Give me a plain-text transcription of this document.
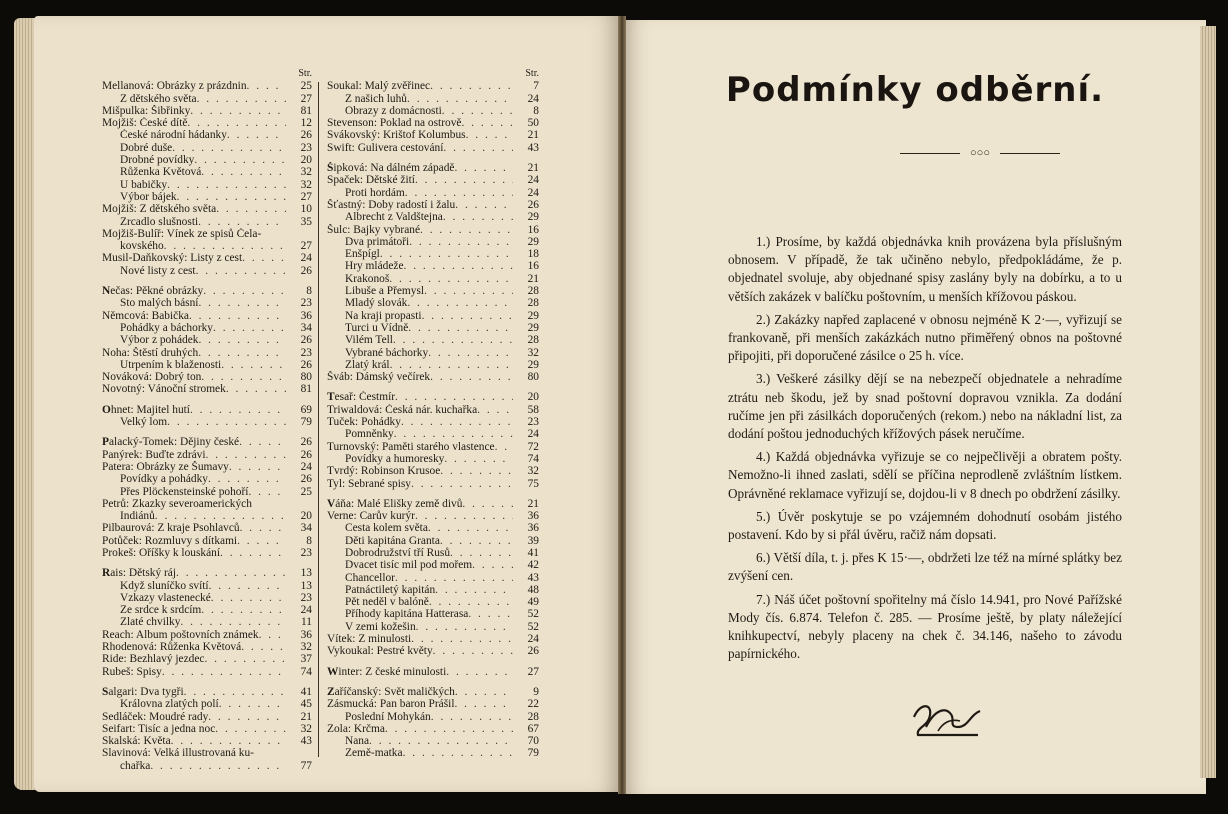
Str.
Mellanová: Obrázky z prázdnin . . .	25
Z dětského světa . . .	27
Mišpulka: Šibřinky . . .	81
Mojžiš: České dítě . . .	12
České národní hádanky . . .	26
Dobré duše . . .	23
Drobné povídky . . .	20
Růženka Květová . . .	32
U babičky . . .	32
Výbor bájek . . .	27
Mojžiš: Z dětského světa . . .	10
Zrcadlo slušnosti . . .	35
Mojžiš-Bulíř: Vínek ze spisů Čela-
kovského . . .	27
Musil-Daňkovský: Listy z cest . . .	24
Nové listy z cest . . .	26
Nečas: Pěkné obrázky . . .	8
Sto malých básní . . .	23
Němcová: Babička . . .	36
Pohádky a báchorky . . .	34
Výbor z pohádek . . .	26
Noha: Štěstí druhých . . .	23
Utrpením k blaženosti . . .	26
Nováková: Dobrý ton . . .	80
Novotný: Vánoční stromek . . .	81
Ohnet: Majitel hutí . . .	69
Velký lom . . .	79
Palacký-Tomek: Dějiny české . . .	26
Panýrek: Buďte zdrávi . . .	26
Patera: Obrázky ze Šumavy . . .	24
Povídky a pohádky . . .	26
Přes Plöckensteinské pohoří . . .	25
Petrů: Zkazky severoamerických
Indiánů . . .	20
Pilbaurová: Z kraje Psohlavců . . .	34
Potůček: Rozmluvy s dítkami . . .	8
Prokeš: Oříšky k louskání . . .	23
Rais: Dětský ráj . . .	13
Když sluníčko svítí . . .	13
Vzkazy vlastenecké . . .	23
Ze srdce k srdcím . . .	24
Zlaté chvilky . . .	11
Reach: Album poštovních známek . . .	36
Rhodenová: Růženka Květová . . .	32
Ride: Bezhlavý jezdec . . .	37
Rubeš: Spisy . . .	74
Salgari: Dva tygři . . .	41
Královna zlatých polí . . .	45
Sedláček: Moudré rady . . .	21
Seifart: Tisíc a jedna noc . . .	32
Skalská: Květa . . .	43
Slavinová: Velká illustrovaná ku-
chařka . . .	77
Str.
Soukal: Malý zvěřinec . . .	7
Z našich luhů . . .	24
Obrazy z domácnosti . . .	8
Stevenson: Poklad na ostrově . . .	50
Svákovský: Krištof Kolumbus . . .	21
Swift: Gulivera cestování . . .	43
Šipková: Na dálném západě . . .	21
Spaček: Dětské žití . . .	24
Proti hordám . . .	24
Šťastný: Doby radostí i žalu . . .	26
Albrecht z Valdštejna . . .	29
Šulc: Bajky vybrané . . .	16
Dva primátoři . . .	29
Enšpígl . . .	18
Hry mládeže . . .	16
Krakonoš . . .	21
Libuše a Přemysl . . .	28
Mladý slovák . . .	28
Na kraji propasti . . .	29
Turci u Vídně . . .	29
Vilém Tell . . .	28
Vybrané báchorky . . .	32
Zlatý král . . .	29
Šváb: Dámský večírek . . .	80
Tesař: Čestmír . . .	20
Triwaldová: Česká nár. kuchařka . . .	58
Tuček: Pohádky . . .	23
Pomněnky . . .	24
Turnovský: Paměti starého vlastence . . .	72
Povídky a humoresky . . .	74
Tvrdý: Robinson Krusoe . . .	32
Tyl: Sebrané spisy . . .	75
Váňa: Malé Elišky země divů . . .	21
Verne: Carův kurýr . . .	36
Cesta kolem světa . . .	36
Děti kapitána Granta . . .	39
Dobrodružství tří Rusů . . .	41
Dvacet tisíc mil pod mořem . . .	42
Chancellor . . .	43
Patnáctiletý kapitán . . .	48
Pět neděl v balóně . . .	49
Příhody kapitána Hatterasa . . .	52
V zemi kožešin . . .	52
Vítek: Z minulosti . . .	24
Vykoukal: Pestré květy . . .	26
Winter: Z české minulosti . . .	27
Zaříčanský: Svět maličkých . . .	9
Zásmucká: Pan baron Prášil . . .	22
Poslední Mohykán . . .	28
Zola: Krčma . . .	67
Nana . . .	70
Země-matka . . .	79
Podmínky odběrní.
○○○

1.) Prosíme, by každá objednávka knih provázena byla příslušným obnosem. V případě, že tak učiněno nebylo, předpokládáme, že p. objednatel svoluje, aby objednané spisy zaslány byly na dobírku, a to u větších zakázek v balíčku poštovním, u menších křížovou páskou.

2.) Zakázky napřed zaplacené v obnosu nejméně K 2·—, vyřizují se frankovaně, při menších zakázkách nutno přiměřený obnos na poštovné připojiti, při doporučené zásilce o 25 h. více.

3.) Veškeré zásilky dějí se na nebezpečí objednatele a nehradíme ztrátu neb škodu, jež by snad poštovní dopravou vznikla. Za dodání ručíme jen při zásilkách doporučených (rekom.) nebo na nákladní list, za dodání poštou jednoduchých křížových pásek neručíme.

4.) Každá objednávka vyřizuje se co nejpečlivěji a obratem pošty. Nemožno-li ihned zaslati, sdělí se příčina neprodleně zvláštním lístkem. Oprávněné reklamace vyřizují se, dojdou-li v 8 dnech po obdržení zásilky.

5.) Úvěr poskytuje se po vzájemném dohodnutí osobám jistého postavení. Kdo by si přál úvěru, račiž nám dopsati.

6.) Větší díla, t. j. přes K 15·—, obdržeti lze též na mírné splátky bez zvýšení cen.

7.) Náš účet poštovní spořitelny má číslo 14.941, pro Nové Pařížské Mody čís. 6.874. Telefon č. 285. — Prosíme ještě, by platy náležející knihkupectví, nebyly placeny na chek č. 34.146, našeho to závodu papírnického.
